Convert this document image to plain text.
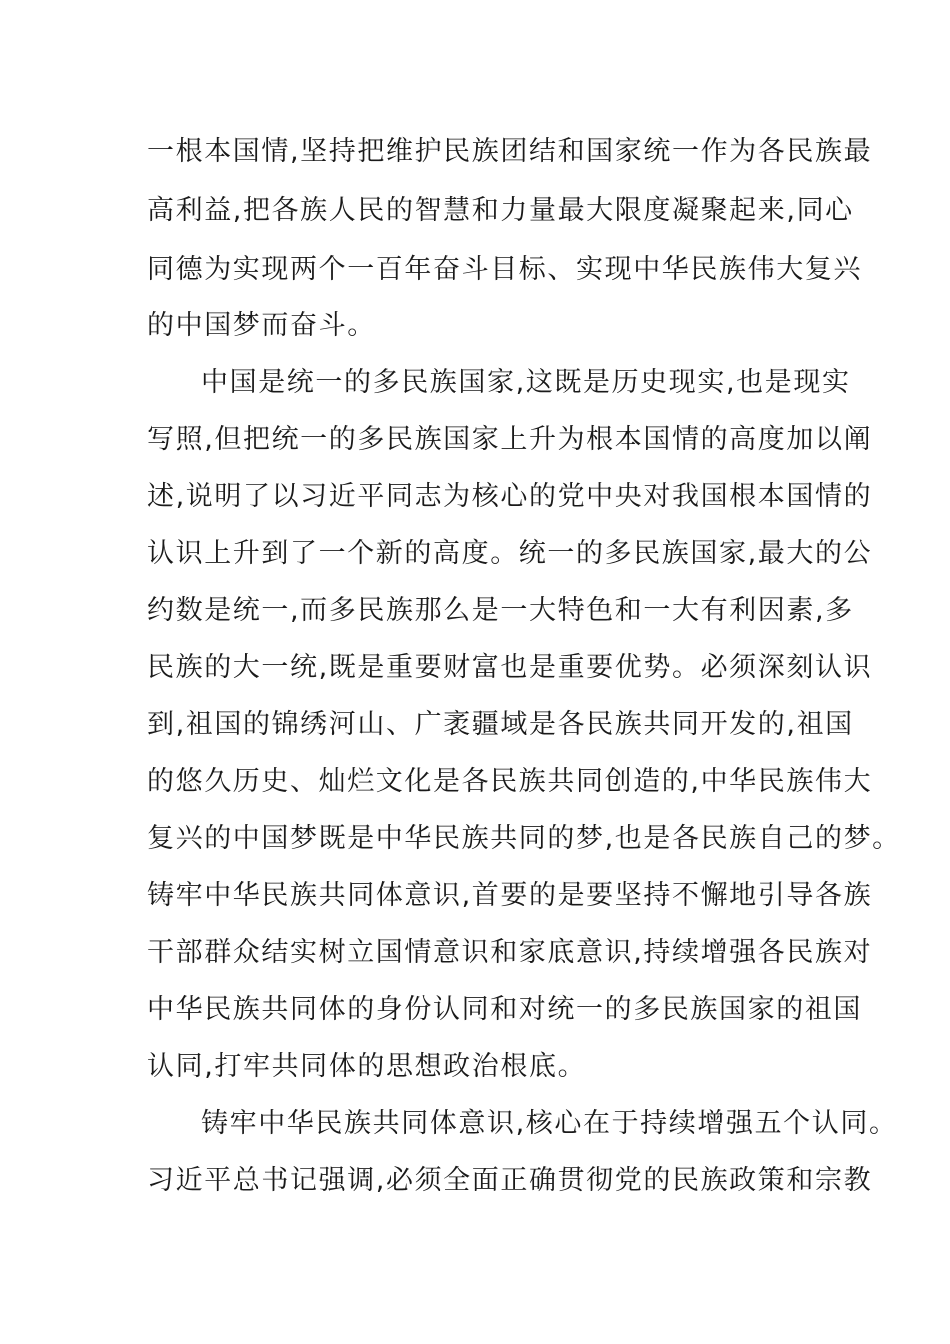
一根本国情,坚持把维护民族团结和国家统一作为各民族最
高利益,把各族人民的智慧和力量最大限度凝聚起来,同心
同德为实现两个一百年奋斗目标、实现中华民族伟大复兴
的中国梦而奋斗。
中国是统一的多民族国家,这既是历史现实,也是现实
写照,但把统一的多民族国家上升为根本国情的高度加以阐
述,说明了以习近平同志为核心的党中央对我国根本国情的
认识上升到了一个新的高度。统一的多民族国家,最大的公
约数是统一,而多民族那么是一大特色和一大有利因素,多
民族的大一统,既是重要财富也是重要优势。必须深刻认识
到,祖国的锦绣河山、广袤疆域是各民族共同开发的,祖国
的悠久历史、灿烂文化是各民族共同创造的,中华民族伟大
复兴的中国梦既是中华民族共同的梦,也是各民族自己的梦。
铸牢中华民族共同体意识,首要的是要坚持不懈地引导各族
干部群众结实树立国情意识和家底意识,持续增强各民族对
中华民族共同体的身份认同和对统一的多民族国家的祖国
认同,打牢共同体的思想政治根底。
铸牢中华民族共同体意识,核心在于持续增强五个认同。
习近平总书记强调,必须全面正确贯彻党的民族政策和宗教
